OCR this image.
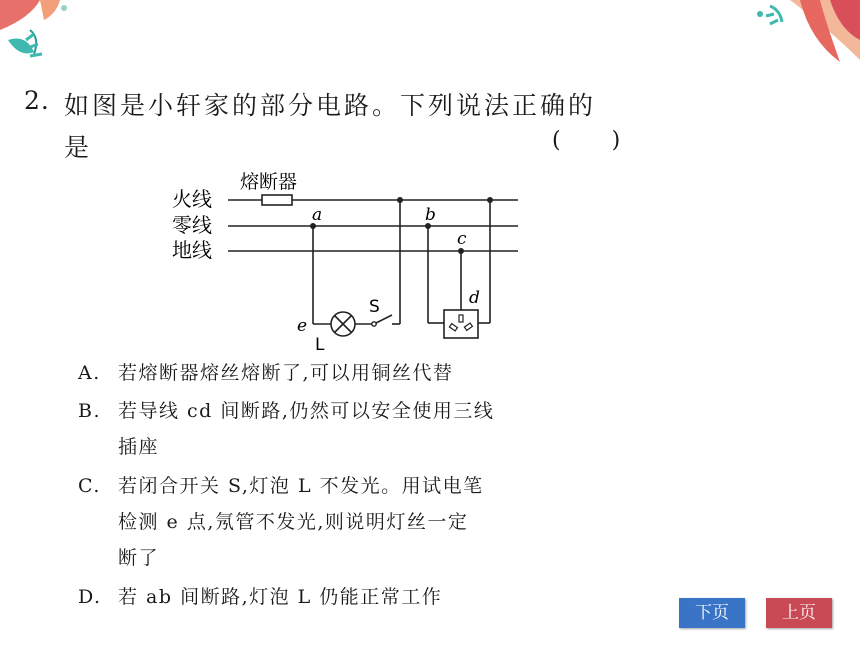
2. 如图是小轩家的部分电路。下列说法正确的
是	( )
火线
零线
地线
熔断器
a	b
c
d
e
L
S
A. 若熔断器熔丝熔断了,可以用铜丝代替
B. 若导线 cd 间断路,仍然可以安全使用三线
插座
C. 若闭合开关 S,灯泡 L 不发光。用试电笔
检测 e 点,氖管不发光,则说明灯丝一定
断了
D. 若 ab 间断路,灯泡 L 仍能正常工作
下页	上页
